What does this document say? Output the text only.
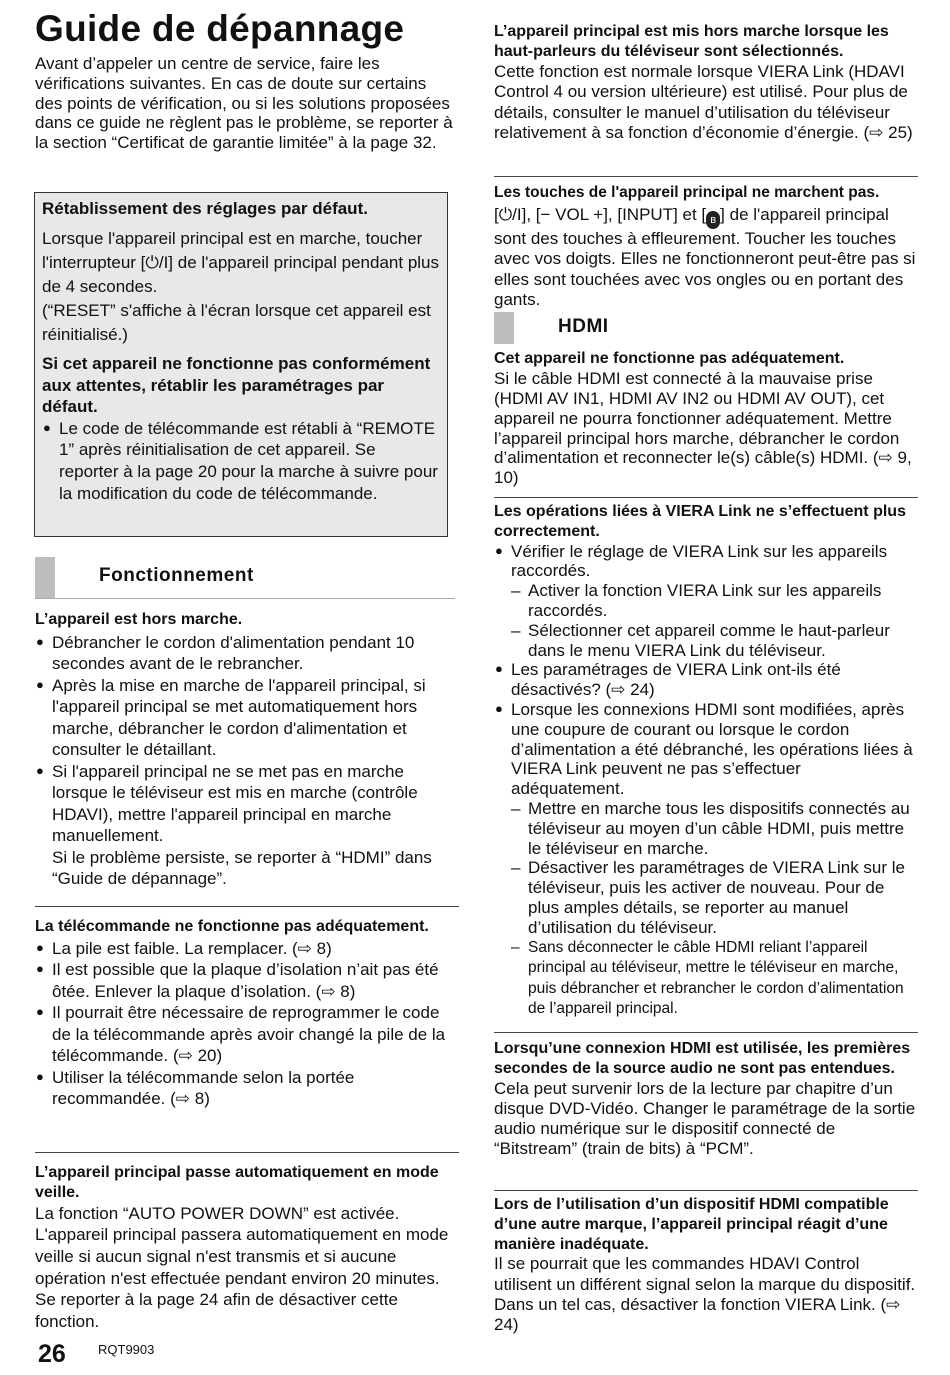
Guide de dépannage

Avant d’appeler un centre de service, faire les vérifications suivantes. En cas de doute sur certains des points de vérification, ou si les solutions proposées dans ce guide ne règlent pas le problème, se reporter à la section “Certificat de garantie limitée” à la page 32.

Rétablissement des réglages par défaut.

Lorsque l'appareil principal est en marche, toucher l'interrupteur [⏻/I] de l'appareil principal pendant plus de 4 secondes.

(“RESET” s'affiche à l'écran lorsque cet appareil est réinitialisé.)

Si cet appareil ne fonctionne pas conformément aux attentes, rétablir les paramétrages par défaut.

● Le code de télécommande est rétabli à “REMOTE 1” après réinitialisation de cet appareil. Se reporter à la page 20 pour la marche à suivre pour la modification du code de télécommande.
Fonctionnement

L’appareil est hors marche.

● Débrancher le cordon d'alimentation pendant 10 secondes avant de le rebrancher.
● Après la mise en marche de l'appareil principal, si l'appareil principal se met automatiquement hors marche, débrancher le cordon d'alimentation et consulter le détaillant.
● Si l'appareil principal ne se met pas en marche lorsque le téléviseur est mis en marche (contrôle HDAVI), mettre l'appareil principal en marche manuellement.

Si le problème persiste, se reporter à “HDMI” dans “Guide de dépannage”.

La télécommande ne fonctionne pas adéquatement.

● La pile est faible. La remplacer. (⇨ 8)
● Il est possible que la plaque d’isolation n’ait pas été ôtée. Enlever la plaque d’isolation. (⇨ 8)
● Il pourrait être nécessaire de reprogrammer le code de la télécommande après avoir changé la pile de la télécommande. (⇨ 20)
● Utiliser la télécommande selon la portée recommandée. (⇨ 8)

L’appareil principal passe automatiquement en mode veille.

La fonction “AUTO POWER DOWN” est activée. L'appareil principal passera automatiquement en mode veille si aucun signal n'est transmis et si aucune opération n'est effectuée pendant environ 20 minutes. Se reporter à la page 24 afin de désactiver cette fonction.

26 RQT9903

L’appareil principal est mis hors marche lorsque les haut-parleurs du téléviseur sont sélectionnés.

Cette fonction est normale lorsque VIERA Link (HDAVI Control 4 ou version ultérieure) est utilisé. Pour plus de détails, consulter le manuel d’utilisation du téléviseur relativement à sa fonction d’économie d’énergie. (⇨ 25)

Les touches de l'appareil principal ne marchent pas.

[⏻/I], [− VOL +], [INPUT] et [ ʙ ] de l'appareil principal sont des touches à effleurement. Toucher les touches avec vos doigts. Elles ne fonctionneront peut-être pas si elles sont touchées avec vos ongles ou en portant des gants.

HDMI

Cet appareil ne fonctionne pas adéquatement.

Si le câble HDMI est connecté à la mauvaise prise (HDMI AV IN1, HDMI AV IN2 ou HDMI AV OUT), cet appareil ne pourra fonctionner adéquatement. Mettre l’appareil principal hors marche, débrancher le cordon d’alimentation et reconnecter le(s) câble(s) HDMI. (⇨ 9, 10)

Les opérations liées à VIERA Link ne s’effectuent plus correctement.

● Vérifier le réglage de VIERA Link sur les appareils raccordés.
– Activer la fonction VIERA Link sur les appareils raccordés.
– Sélectionner cet appareil comme le haut-parleur dans le menu VIERA Link du téléviseur.
● Les paramétrages de VIERA Link ont-ils été désactivés? (⇨ 24)
● Lorsque les connexions HDMI sont modifiées, après une coupure de courant ou lorsque le cordon d’alimentation a été débranché, les opérations liées à VIERA Link peuvent ne pas s’effectuer adéquatement.
– Mettre en marche tous les dispositifs connectés au téléviseur au moyen d’un câble HDMI, puis mettre le téléviseur en marche.
– Désactiver les paramétrages de VIERA Link sur le téléviseur, puis les activer de nouveau. Pour de plus amples détails, se reporter au manuel d’utilisation du téléviseur.
– Sans déconnecter le câble HDMI reliant l’appareil principal au téléviseur, mettre le téléviseur en marche, puis débrancher et rebrancher le cordon d’alimentation de l’appareil principal.

Lorsqu’une connexion HDMI est utilisée, les premières secondes de la source audio ne sont pas entendues.

Cela peut survenir lors de la lecture par chapitre d’un disque DVD-Vidéo. Changer le paramétrage de la sortie audio numérique sur le dispositif connecté de “Bitstream” (train de bits) à “PCM”.

Lors de l’utilisation d’un dispositif HDMI compatible d’une autre marque, l’appareil principal réagit d’une manière inadéquate.

Il se pourrait que les commandes HDAVI Control utilisent un différent signal selon la marque du dispositif. Dans un tel cas, désactiver la fonction VIERA Link. (⇨ 24)
